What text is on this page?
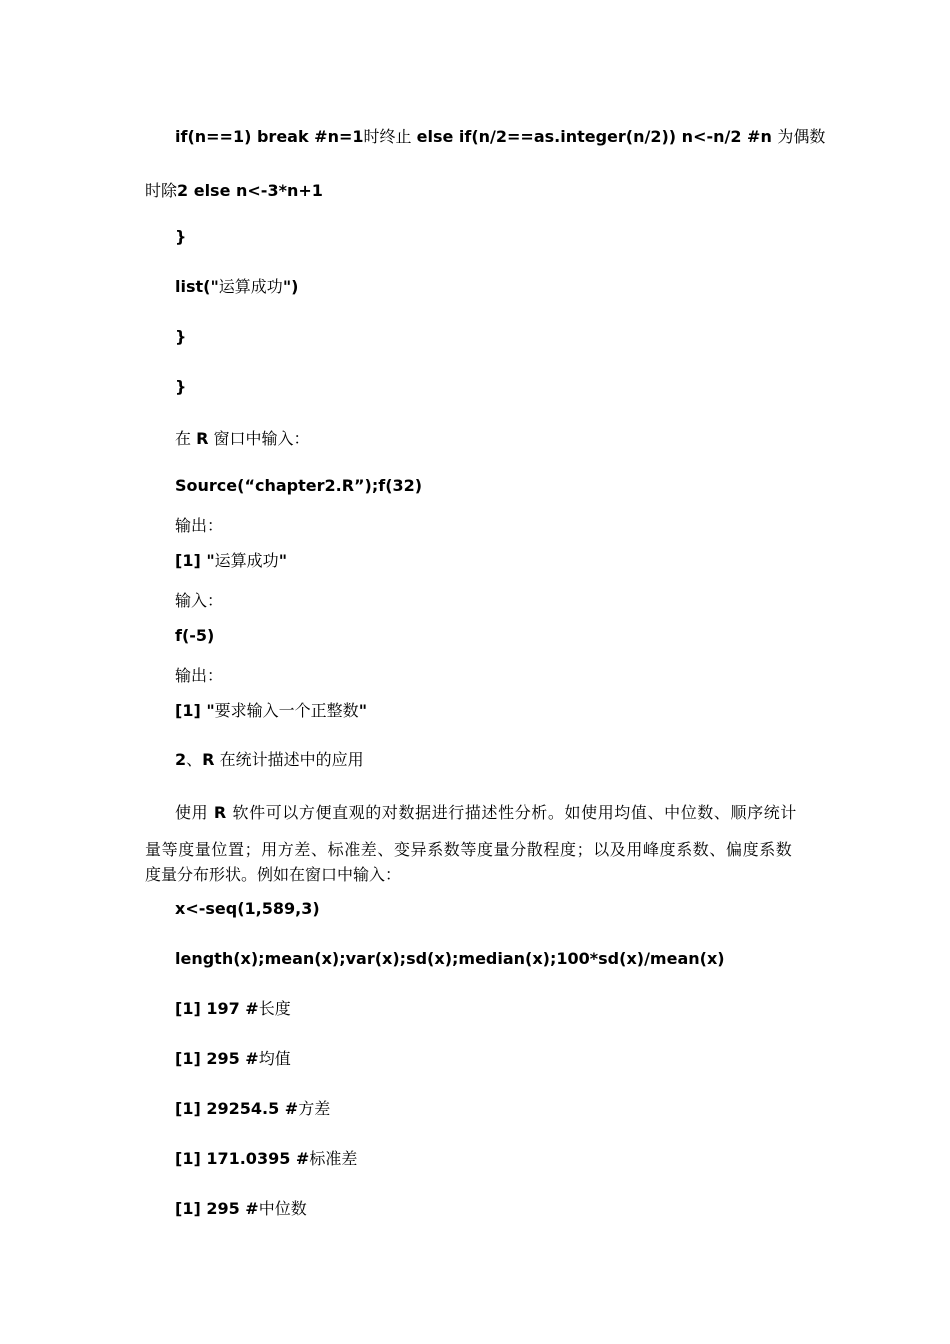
if(n==1) break #n=1时终止 else if(n/2==as.integer(n/2)) n<-n/2 #n 为偶数
时除2 else n<-3*n+1
}
list("运算成功")
}
}
在 R 窗口中输入：
Source(“chapter2.R”);f(32)
输出：
[1] "运算成功"
输入：
f(-5)
输出：
[1] "要求输入一个正整数"
2、R 在统计描述中的应用
使用 R 软件可以方便直观的对数据进行描述性分析。如使用均值、中位数、顺序统计
量等度量位置；用方差、标准差、变异系数等度量分散程度；以及用峰度系数、偏度系数
度量分布形状。例如在窗口中输入：
x<-seq(1,589,3)
length(x);mean(x);var(x);sd(x);median(x);100*sd(x)/mean(x)
[1] 197 #长度
[1] 295 #均值
[1] 29254.5 #方差
[1] 171.0395 #标准差
[1] 295 #中位数
